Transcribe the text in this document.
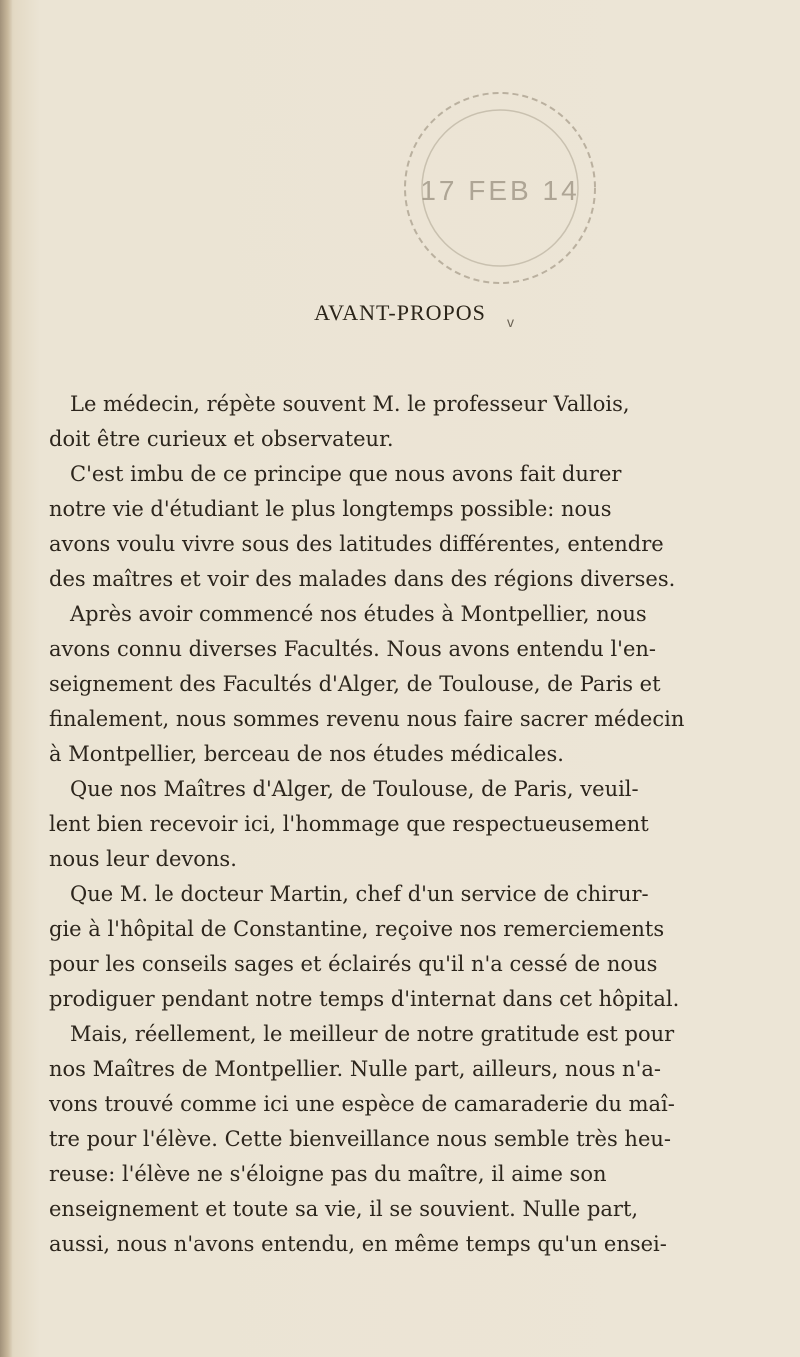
17 FEB 14
AVANT-PROPOS	v
Le médecin, répète souvent M. le professeur Vallois,
doit être curieux et observateur.
C'est imbu de ce principe que nous avons fait durer
notre vie d'étudiant le plus longtemps possible: nous
avons voulu vivre sous des latitudes différentes, entendre
des maîtres et voir des malades dans des régions diverses.
Après avoir commencé nos études à Montpellier, nous
avons connu diverses Facultés. Nous avons entendu l'en-
seignement des Facultés d'Alger, de Toulouse, de Paris et
finalement, nous sommes revenu nous faire sacrer médecin
à Montpellier, berceau de nos études médicales.
Que nos Maîtres d'Alger, de Toulouse, de Paris, veuil-
lent bien recevoir ici, l'hommage que respectueusement
nous leur devons.
Que M. le docteur Martin, chef d'un service de chirur-
gie à l'hôpital de Constantine, reçoive nos remerciements
pour les conseils sages et éclairés qu'il n'a cessé de nous
prodiguer pendant notre temps d'internat dans cet hôpital.
Mais, réellement, le meilleur de notre gratitude est pour
nos Maîtres de Montpellier. Nulle part, ailleurs, nous n'a-
vons trouvé comme ici une espèce de camaraderie du maî-
tre pour l'élève. Cette bienveillance nous semble très heu-
reuse: l'élève ne s'éloigne pas du maître, il aime son
enseignement et toute sa vie, il se souvient. Nulle part,
aussi, nous n'avons entendu, en même temps qu'un ensei-
